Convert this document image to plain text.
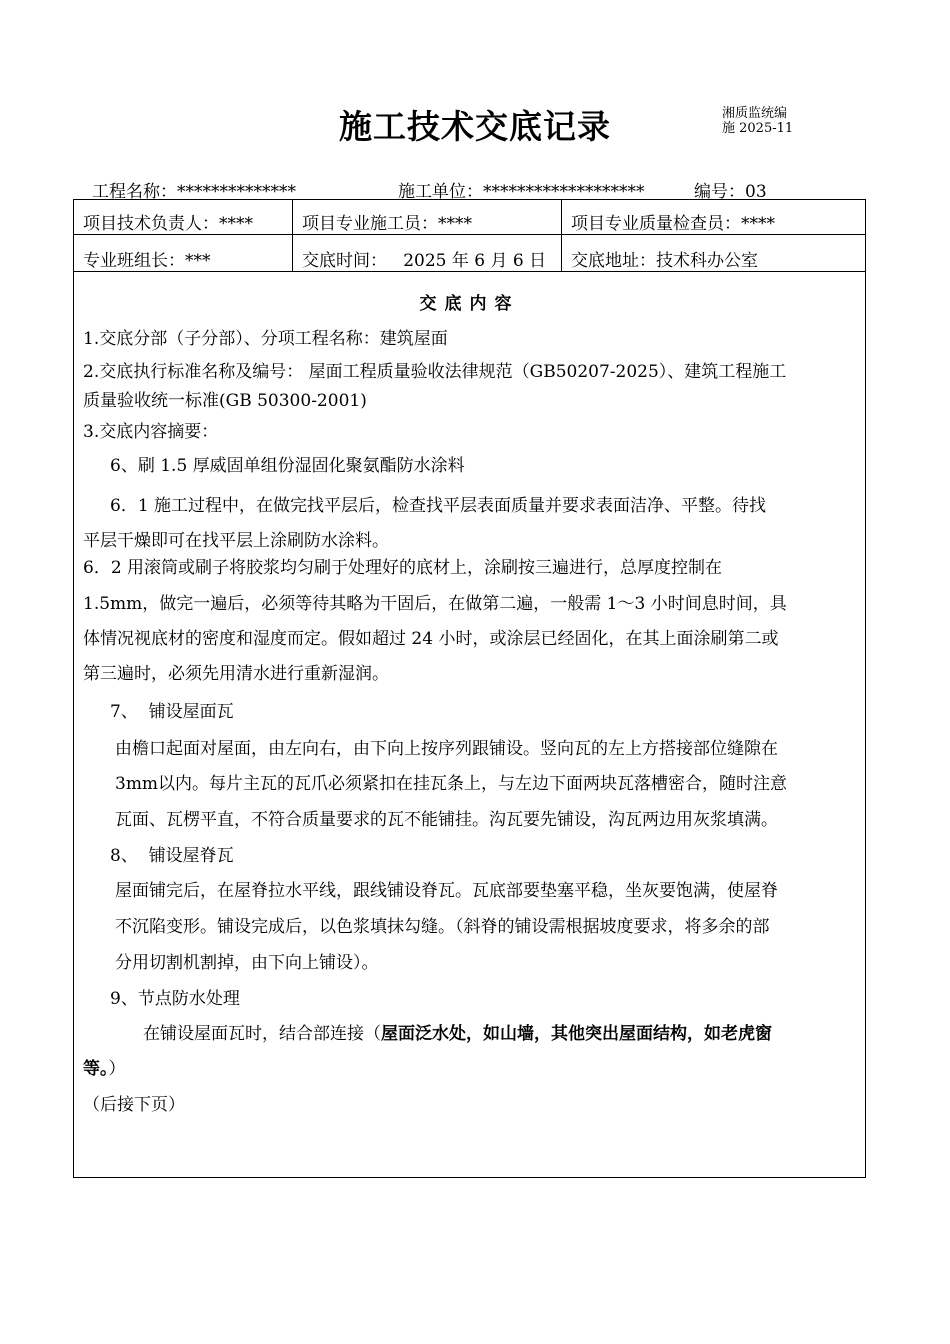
施工技术交底记录	湘质监统编
施 2025-11
工程名称：**************	施工单位：*******************	编号：03
项目技术负责人：****	项目专业施工员：****	项目专业质量检查员：****
专业班组长：***	交底时间：   2025 年 6 月 6 日 交底地址：技术科办公室
交底内容
1.交底分部（子分部）、分项工程名称：建筑屋面
2.交底执行标准名称及编号： 屋面工程质量验收法律规范（GB50207-2025）、建筑工程施工
质量验收统一标准(GB 50300-2001)
3.交底内容摘要：
6、刷 1.5 厚威固单组份湿固化聚氨酯防水涂料
6．1 施工过程中，在做完找平层后，检查找平层表面质量并要求表面洁净、平整。待找
平层干燥即可在找平层上涂刷防水涂料。
6．2 用滚筒或刷子将胶浆均匀刷于处理好的底材上，涂刷按三遍进行，总厚度控制在
1.5mm，做完一遍后，必须等待其略为干固后，在做第二遍，一般需 1～3 小时间息时间，具
体情况视底材的密度和湿度而定。假如超过 24 小时，或涂层已经固化，在其上面涂刷第二或
第三遍时，必须先用清水进行重新湿润。
7、  铺设屋面瓦
由檐口起面对屋面，由左向右，由下向上按序列跟铺设。竖向瓦的左上方搭接部位缝隙在
3mm以内。每片主瓦的瓦爪必须紧扣在挂瓦条上，与左边下面两块瓦落槽密合，随时注意
瓦面、瓦楞平直，不符合质量要求的瓦不能铺挂。沟瓦要先铺设，沟瓦两边用灰浆填满。
8、  铺设屋脊瓦
屋面铺完后，在屋脊拉水平线，跟线铺设脊瓦。瓦底部要垫塞平稳，坐灰要饱满，使屋脊
不沉陷变形。铺设完成后，以色浆填抹勾缝。（斜脊的铺设需根据坡度要求，将多余的部
分用切割机割掉，由下向上铺设）。
9、节点防水处理
在铺设屋面瓦时，结合部连接（屋面泛水处，如山墙，其他突出屋面结构，如老虎窗
等。）
（后接下页）
